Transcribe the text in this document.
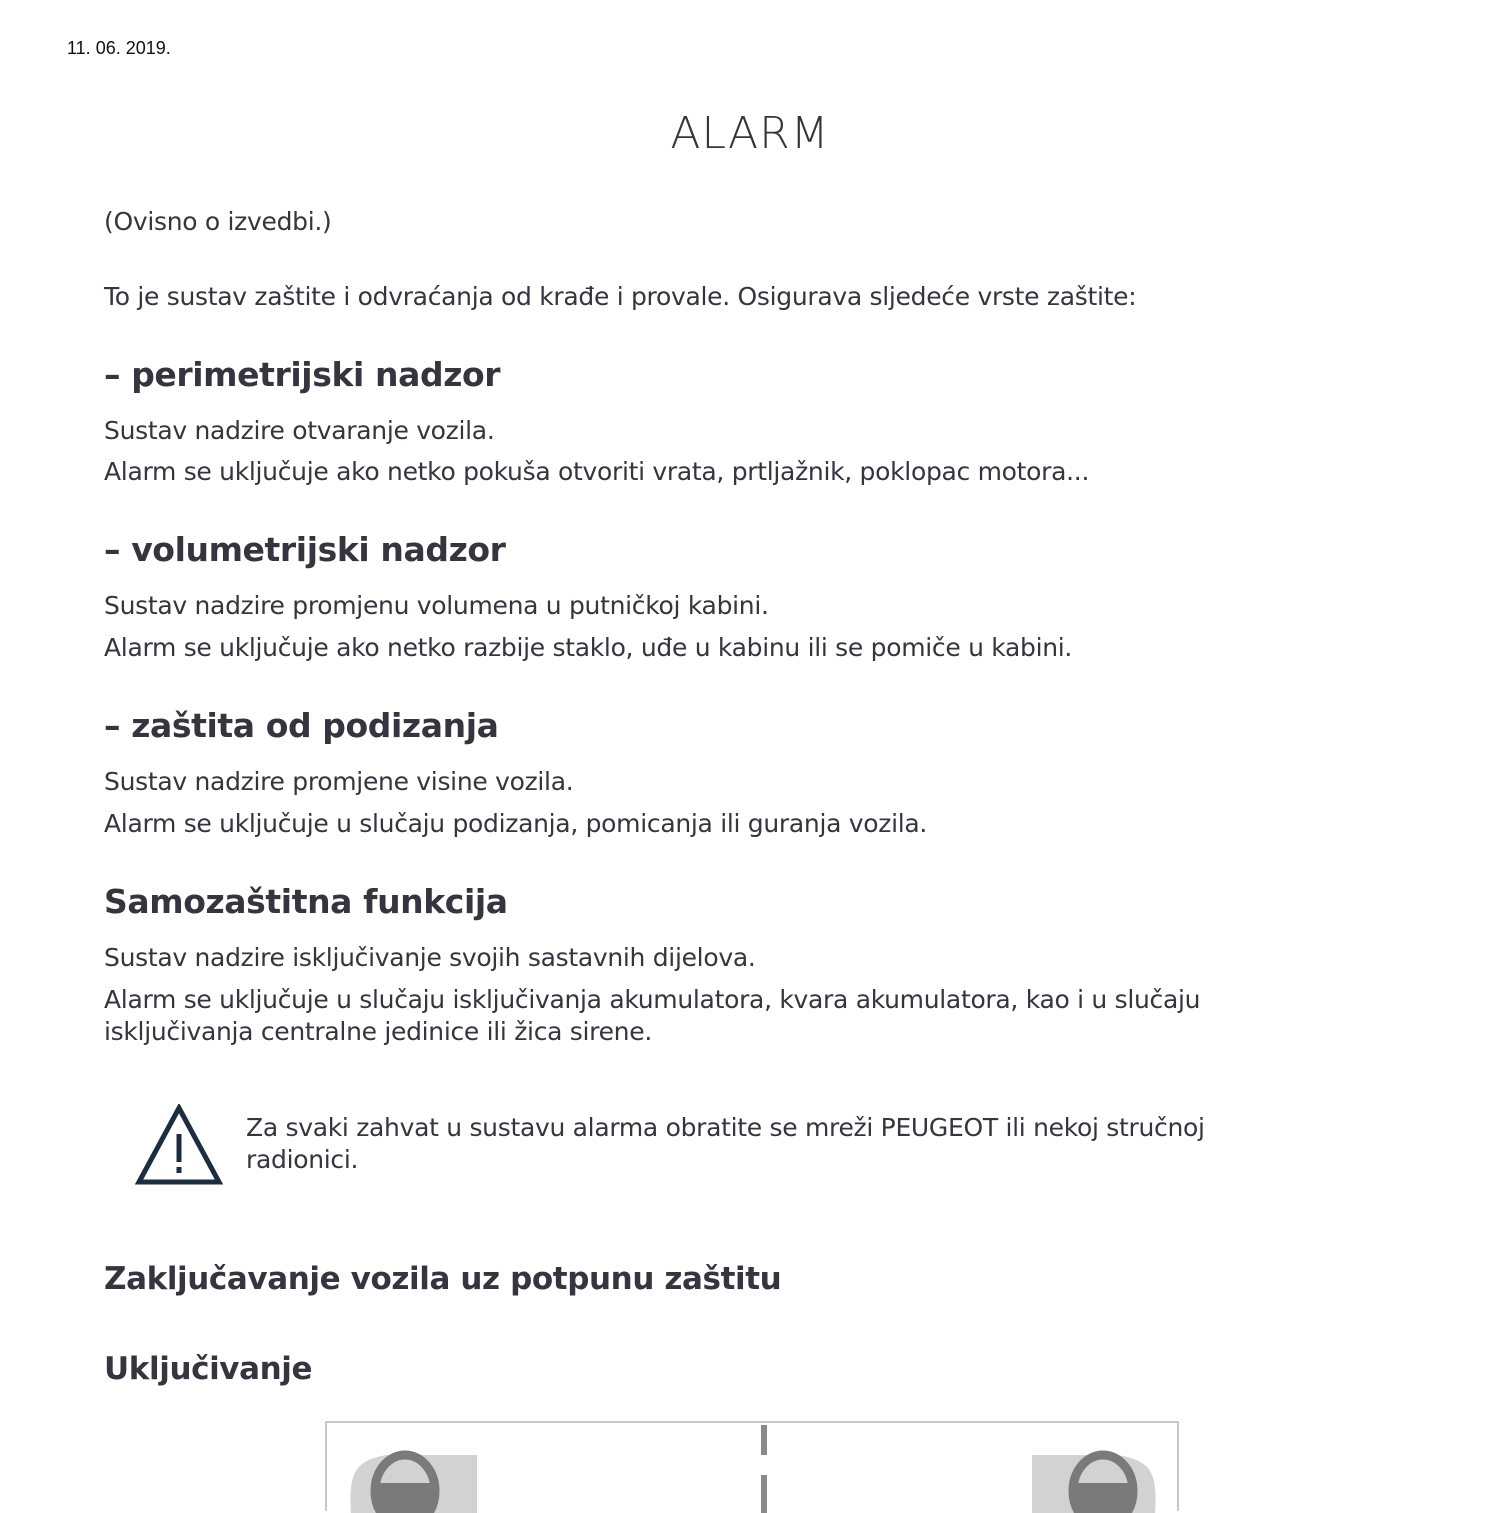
11. 06. 2019.
ALARM
(Ovisno o izvedbi.)
To je sustav zaštite i odvraćanja od krađe i provale. Osigurava sljedeće vrste zaštite:
– perimetrijski nadzor
Sustav nadzire otvaranje vozila.
Alarm se uključuje ako netko pokuša otvoriti vrata, prtljažnik, poklopac motora...
– volumetrijski nadzor
Sustav nadzire promjenu volumena u putničkoj kabini.
Alarm se uključuje ako netko razbije staklo, uđe u kabinu ili se pomiče u kabini.
– zaštita od podizanja
Sustav nadzire promjene visine vozila.
Alarm se uključuje u slučaju podizanja, pomicanja ili guranja vozila.
Samozaštitna funkcija
Sustav nadzire isključivanje svojih sastavnih dijelova.
Alarm se uključuje u slučaju isključivanja akumulatora, kvara akumulatora, kao i u slučaju
isključivanja centralne jedinice ili žica sirene.
Za svaki zahvat u sustavu alarma obratite se mreži PEUGEOT ili nekoj stručnoj
radionici.
Zaključavanje vozila uz potpunu zaštitu
Uključivanje
